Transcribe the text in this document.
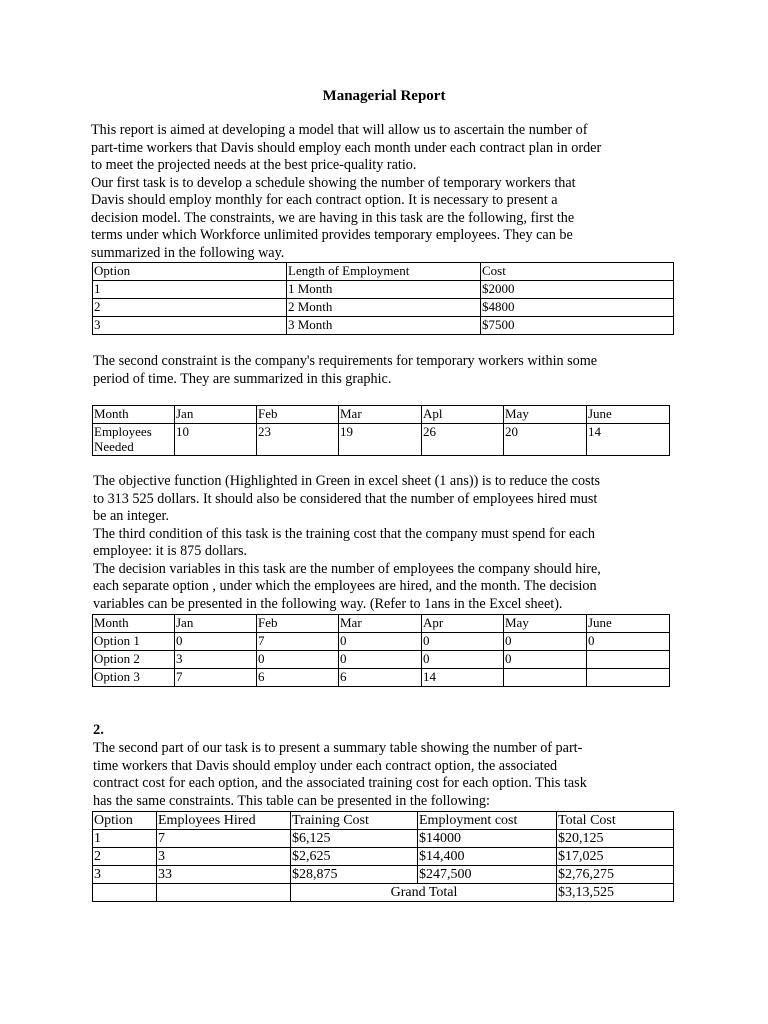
Managerial Report
This report is aimed at developing a model that will allow us to ascertain the number of
part-time workers that Davis should employ each month under each contract plan in order
to meet the projected needs at the best price-quality ratio.
Our first task is to develop a schedule showing the number of temporary workers that
Davis should employ monthly for each contract option. It is necessary to present a
decision model. The constraints, we are having in this task are the following, first the
terms under which Workforce unlimited provides temporary employees. They can be
summarized in the following way.
Option	Length of Employment	Cost
1	1 Month	$2000
2	2 Month	$4800
3	3 Month	$7500
The second constraint is the company's requirements for temporary workers within some
period of time. They are summarized in this graphic.
Month	Jan	Feb	Mar	Apl	May	June
Employees Needed	10	23	19	26	20	14
The objective function (Highlighted in Green in excel sheet (1 ans)) is to reduce the costs
to 313 525 dollars. It should also be considered that the number of employees hired must
be an integer.
The third condition of this task is the training cost that the company must spend for each
employee: it is 875 dollars.
The decision variables in this task are the number of employees the company should hire,
each separate option , under which the employees are hired, and the month. The decision
variables can be presented in the following way. (Refer to 1ans in the Excel sheet).
Month	Jan	Feb	Mar	Apr	May	June
Option 1	0	7	0	0	0	0
Option 2	3	0	0	0	0	
Option 3	7	6	6	14		
2.
The second part of our task is to present a summary table showing the number of part-
time workers that Davis should employ under each contract option, the associated
contract cost for each option, and the associated training cost for each option. This task
has the same constraints. This table can be presented in the following:
Option	Employees Hired	Training Cost	Employment cost	Total Cost
1	7	$6,125	$14000	$20,125
2	3	$2,625	$14,400	$17,025
3	33	$28,875	$247,500	$2,76,275
		Grand Total		$3,13,525
